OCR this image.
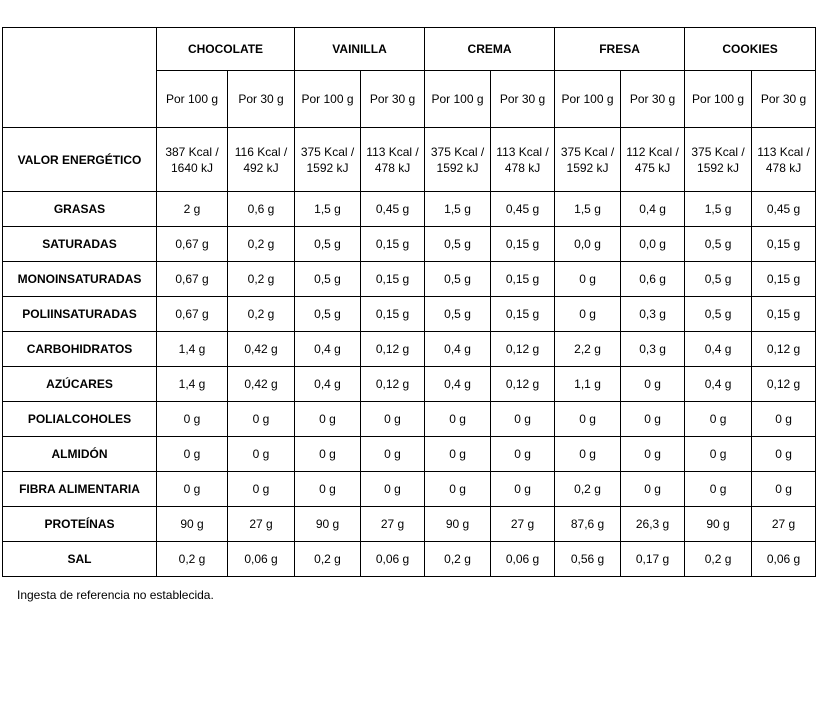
	CHOCOLATE		VAINILLA		CREMA		FRESA		COOKIES	
	Por 100 g	Por 30 g	Por 100 g	Por 30 g	Por 100 g	Por 30 g	Por 100 g	Por 30 g	Por 100 g	Por 30 g
VALOR ENERGÉTICO	387 Kcal / 1640 kJ	116 Kcal / 492 kJ	375 Kcal / 1592 kJ	113 Kcal / 478 kJ	375 Kcal / 1592 kJ	113 Kcal / 478 kJ	375 Kcal / 1592 kJ	112 Kcal / 475 kJ	375 Kcal / 1592 kJ	113 Kcal / 478 kJ
GRASAS	2 g	0,6 g	1,5 g	0,45 g	1,5 g	0,45 g	1,5 g	0,4 g	1,5 g	0,45 g
SATURADAS	0,67 g	0,2 g	0,5 g	0,15 g	0,5 g	0,15 g	0,0 g	0,0 g	0,5 g	0,15 g
MONOINSATURADAS	0,67 g	0,2 g	0,5 g	0,15 g	0,5 g	0,15 g	0 g	0,6 g	0,5 g	0,15 g
POLIINSATURADAS	0,67 g	0,2 g	0,5 g	0,15 g	0,5 g	0,15 g	0 g	0,3 g	0,5 g	0,15 g
CARBOHIDRATOS	1,4 g	0,42 g	0,4 g	0,12 g	0,4 g	0,12 g	2,2 g	0,3 g	0,4 g	0,12 g
AZÚCARES	1,4 g	0,42 g	0,4 g	0,12 g	0,4 g	0,12 g	1,1 g	0 g	0,4 g	0,12 g
POLIALCOHOLES	0 g	0 g	0 g	0 g	0 g	0 g	0 g	0 g	0 g	0 g
ALMIDÓN	0 g	0 g	0 g	0 g	0 g	0 g	0 g	0 g	0 g	0 g
FIBRA ALIMENTARIA	0 g	0 g	0 g	0 g	0 g	0 g	0,2 g	0 g	0 g	0 g
PROTEÍNAS	90 g	27 g	90 g	27 g	90 g	27 g	87,6 g	26,3 g	90 g	27 g
SAL	0,2 g	0,06 g	0,2 g	0,06 g	0,2 g	0,06 g	0,56 g	0,17 g	0,2 g	0,06 g
Ingesta de referencia no establecida.
